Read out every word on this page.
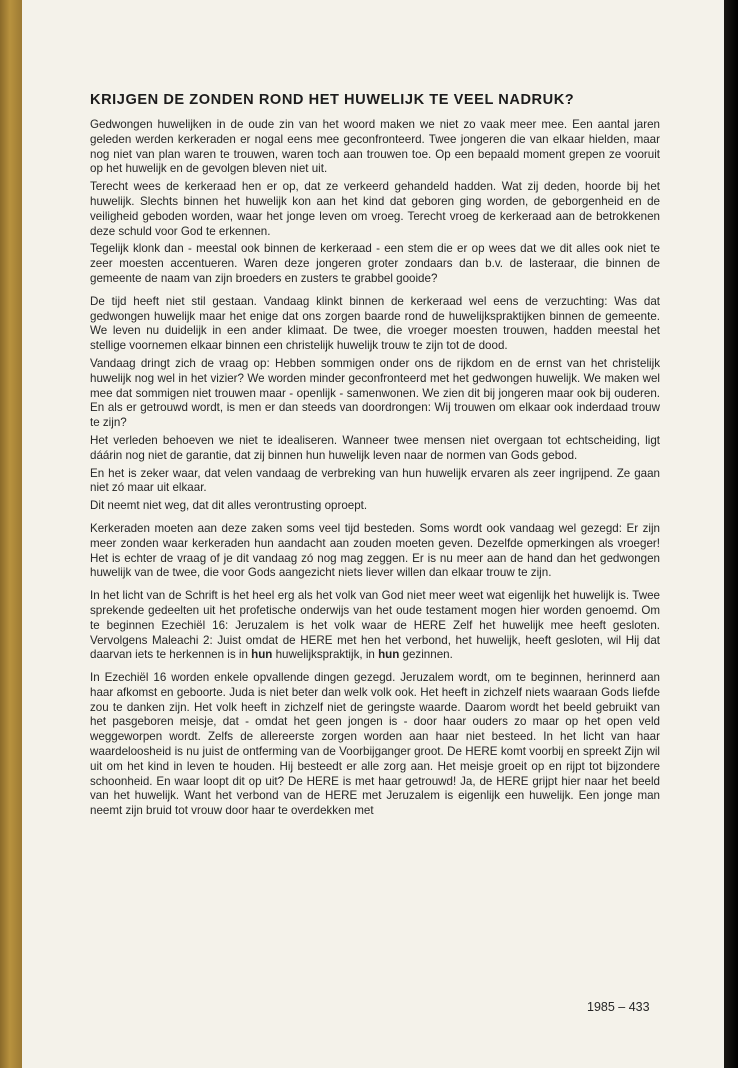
KRIJGEN DE ZONDEN ROND HET HUWELIJK TE VEEL NADRUK?

Gedwongen huwelijken in de oude zin van het woord maken we niet zo vaak meer mee. Een aantal jaren geleden werden kerkeraden er nogal eens mee geconfronteerd. Twee jongeren die van elkaar hielden, maar nog niet van plan waren te trouwen, waren toch aan trouwen toe. Op een bepaald moment grepen ze vooruit op het huwelijk en de gevolgen bleven niet uit.

Terecht wees de kerkeraad hen er op, dat ze verkeerd gehandeld hadden. Wat zij deden, hoorde bij het huwelijk. Slechts binnen het huwelijk kon aan het kind dat geboren ging worden, de geborgenheid en de veiligheid geboden worden, waar het jonge leven om vroeg. Terecht vroeg de kerkeraad aan de betrokkenen deze schuld voor God te erkennen.

Tegelijk klonk dan - meestal ook binnen de kerkeraad - een stem die er op wees dat we dit alles ook niet te zeer moesten accentueren. Waren deze jongeren groter zondaars dan b.v. de lasteraar, die binnen de gemeente de naam van zijn broeders en zusters te grabbel gooide?

De tijd heeft niet stil gestaan. Vandaag klinkt binnen de kerkeraad wel eens de verzuchting: Was dat gedwongen huwelijk maar het enige dat ons zorgen baarde rond de huwelijkspraktijken binnen de gemeente. We leven nu duidelijk in een ander klimaat. De twee, die vroeger moesten trouwen, hadden meestal het stellige voornemen elkaar binnen een christelijk huwelijk trouw te zijn tot de dood.

Vandaag dringt zich de vraag op: Hebben sommigen onder ons de rijkdom en de ernst van het christelijk huwelijk nog wel in het vizier? We worden minder geconfronteerd met het gedwongen huwelijk. We maken wel mee dat sommigen niet trouwen maar - openlijk - samenwonen. We zien dit bij jongeren maar ook bij ouderen. En als er getrouwd wordt, is men er dan steeds van doordrongen: Wij trouwen om elkaar ook inderdaad trouw te zijn?

Het verleden behoeven we niet te idealiseren. Wanneer twee mensen niet overgaan tot echtscheiding, ligt dáárin nog niet de garantie, dat zij binnen hun huwelijk leven naar de normen van Gods gebod.

En het is zeker waar, dat velen vandaag de verbreking van hun huwelijk ervaren als zeer ingrijpend. Ze gaan niet zó maar uit elkaar.

Dit neemt niet weg, dat dit alles verontrusting oproept.

Kerkeraden moeten aan deze zaken soms veel tijd besteden. Soms wordt ook vandaag wel gezegd: Er zijn meer zonden waar kerkeraden hun aandacht aan zouden moeten geven. Dezelfde opmerkingen als vroeger! Het is echter de vraag of je dit vandaag zó nog mag zeggen. Er is nu meer aan de hand dan het gedwongen huwelijk van de twee, die voor Gods aangezicht niets liever willen dan elkaar trouw te zijn.

In het licht van de Schrift is het heel erg als het volk van God niet meer weet wat eigenlijk het huwelijk is. Twee sprekende gedeelten uit het profetische onderwijs van het oude testament mogen hier worden genoemd. Om te beginnen Ezechiël 16: Jeruzalem is het volk waar de HERE Zelf het huwelijk mee heeft gesloten. Vervolgens Maleachi 2: Juist omdat de HERE met hen het verbond, het huwelijk, heeft gesloten, wil Hij dat daarvan iets te herkennen is in hun huwelijkspraktijk, in hun gezinnen.

In Ezechiël 16 worden enkele opvallende dingen gezegd. Jeruzalem wordt, om te beginnen, herinnerd aan haar afkomst en geboorte. Juda is niet beter dan welk volk ook. Het heeft in zichzelf niets waaraan Gods liefde zou te danken zijn. Het volk heeft in zichzelf niet de geringste waarde. Daarom wordt het beeld gebruikt van het pasgeboren meisje, dat - omdat het geen jongen is - door haar ouders zo maar op het open veld weggeworpen wordt. Zelfs de allereerste zorgen worden aan haar niet besteed. In het licht van haar waardeloosheid is nu juist de ontferming van de Voorbijganger groot. De HERE komt voorbij en spreekt Zijn wil uit om het kind in leven te houden. Hij besteedt er alle zorg aan. Het meisje groeit op en rijpt tot bijzondere schoonheid. En waar loopt dit op uit? De HERE is met haar getrouwd! Ja, de HERE grijpt hier naar het beeld van het huwelijk. Want het verbond van de HERE met Jeruzalem is eigenlijk een huwelijk. Een jonge man neemt zijn bruid tot vrouw door haar te overdekken met

1985 – 433
